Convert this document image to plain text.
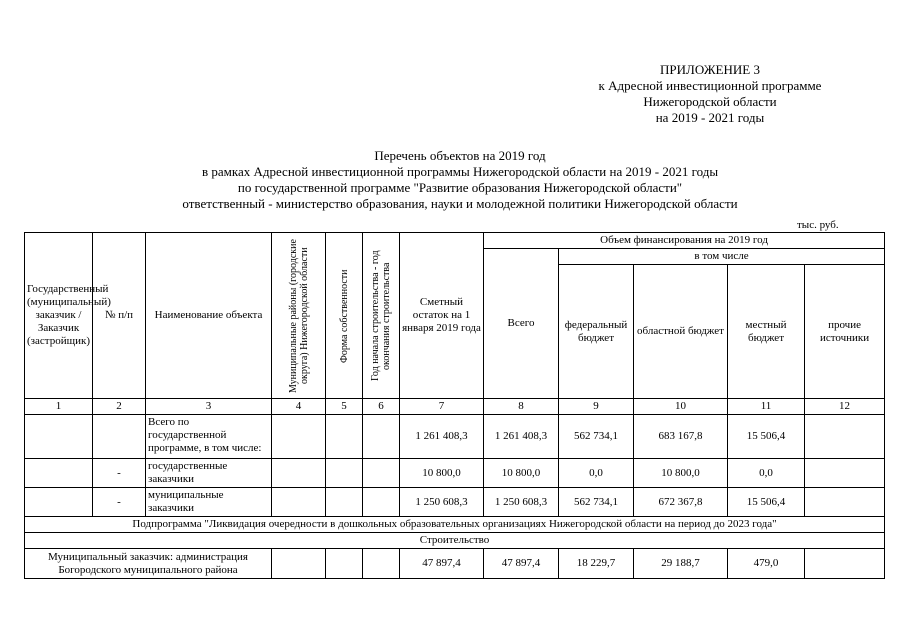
ПРИЛОЖЕНИЕ 3
к Адресной инвестиционной программе
Нижегородской области
на 2019 - 2021 годы
Перечень объектов на 2019 год
в рамках Адресной инвестиционной программы Нижегородской области на 2019 - 2021 годы
по государственной программе "Развитие образования Нижегородской области"
ответственный - министерство образования, науки и молодежной политики Нижегородской области
тыс. руб.
Государственный (муниципальный) заказчик / Заказчик (застройщик)	№ п/п	Наименование объекта	Муниципальные районы (городские округа) Нижегородской области	Форма собственности	Год начала строительства - год окончания строительства	Сметный остаток на 1 января 2019 года	Объем финансирования на 2019 год				
							Всего	в том числе			
								федеральный бюджет	областной бюджет	местный бюджет	прочие источники
1	2	3	4	5	6	7	8	9	10	11	12
		Всего по государственной программе, в том числе:				1 261 408,3	1 261 408,3	562 734,1	683 167,8	15 506,4	
	-	государственные заказчики				10 800,0	10 800,0	0,0	10 800,0	0,0	
	-	муниципальные заказчики				1 250 608,3	1 250 608,3	562 734,1	672 367,8	15 506,4	
Подпрограмма "Ликвидация очередности в дошкольных образовательных организациях Нижегородской области на период до 2023 года"											
Строительство											
Муниципальный заказчик: администрация Богородского муниципального района						47 897,4	47 897,4	18 229,7	29 188,7	479,0	
